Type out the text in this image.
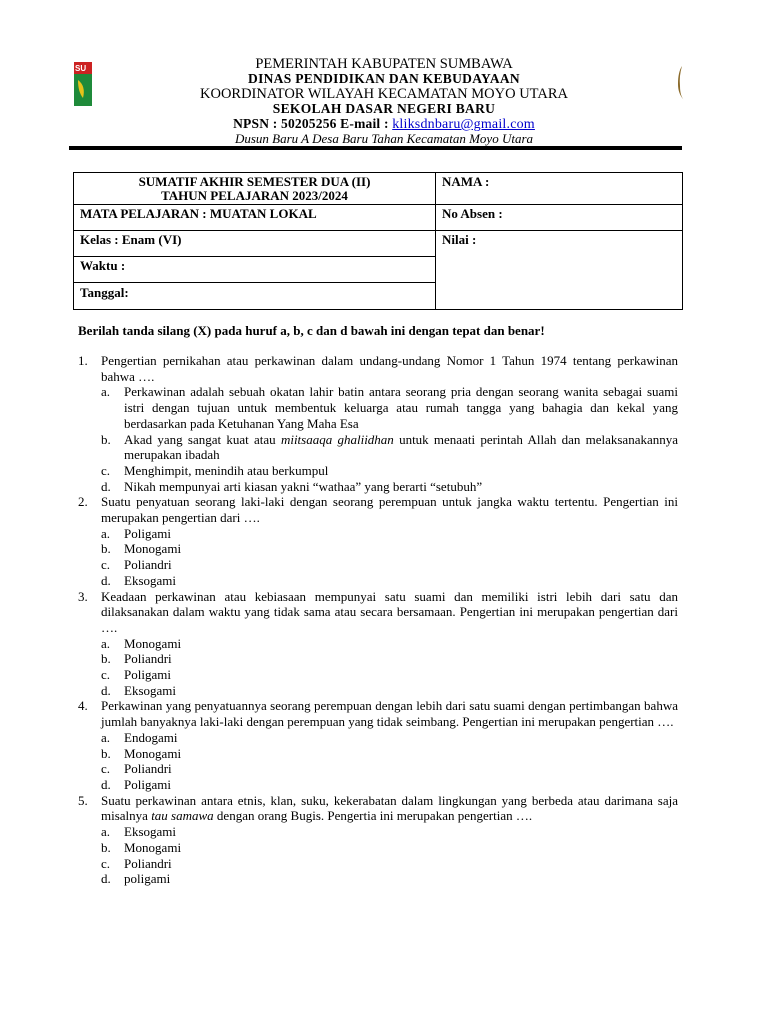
SU	PEMERINTAH KABUPATEN SUMBAWA
DINAS PENDIDIKAN DAN KEBUDAYAAN
KOORDINATOR WILAYAH KECAMATAN MOYO UTARA
SEKOLAH DASAR NEGERI BARU
NPSN : 50205256 E-mail : kliksdnbaru@gmail.com
Dusun Baru A Desa Baru Tahan Kecamatan Moyo Utara
SUMATIF AKHIR SEMESTER DUA (II)
TAHUN PELAJARAN 2023/2024
NAMA :
MATA PELAJARAN : MUATAN LOKAL	No Absen :
Kelas : Enam (VI)	Nilai :
Waktu :
Tanggal:
Berilah tanda silang (X) pada huruf a, b, c dan d bawah ini dengan tepat dan benar!
1.	Pengertian pernikahan atau perkawinan dalam undang-undang Nomor 1 Tahun 1974 tentang perkawinan bahwa ….
a.	Perkawinan adalah sebuah okatan lahir batin antara seorang pria dengan seorang wanita sebagai suami istri dengan tujuan untuk membentuk keluarga atau rumah tangga yang bahagia dan kekal yang berdasarkan pada Ketuhanan Yang Maha Esa
b.	Akad yang sangat kuat atau miitsaaqa ghaliidhan untuk menaati perintah Allah dan melaksanakannya merupakan ibadah
c.	Menghimpit, menindih atau berkumpul
d.	Nikah mempunyai arti kiasan yakni “wathaa” yang berarti “setubuh”
2.	Suatu penyatuan seorang laki-laki dengan seorang perempuan untuk jangka waktu tertentu. Pengertian ini merupakan pengertian dari ….
a.	Poligami
b.	Monogami
c.	Poliandri
d.	Eksogami
3.	Keadaan perkawinan atau kebiasaan mempunyai satu suami dan memiliki istri lebih dari satu dan dilaksanakan dalam waktu yang tidak sama atau secara bersamaan. Pengertian ini merupakan pengertian dari ….
a.	Monogami
b.	Poliandri
c.	Poligami
d.	Eksogami
4.	Perkawinan yang penyatuannya seorang perempuan dengan lebih dari satu suami dengan pertimbangan bahwa jumlah banyaknya laki-laki dengan perempuan yang tidak seimbang. Pengertian ini merupakan pengertian ….
a.	Endogami
b.	Monogami
c.	Poliandri
d.	Poligami
5.	Suatu perkawinan antara etnis, klan, suku, kekerabatan dalam lingkungan yang berbeda atau darimana saja misalnya tau samawa dengan orang Bugis. Pengertia ini merupakan pengertian ….
a.	Eksogami
b.	Monogami
c.	Poliandri
d.	poligami
